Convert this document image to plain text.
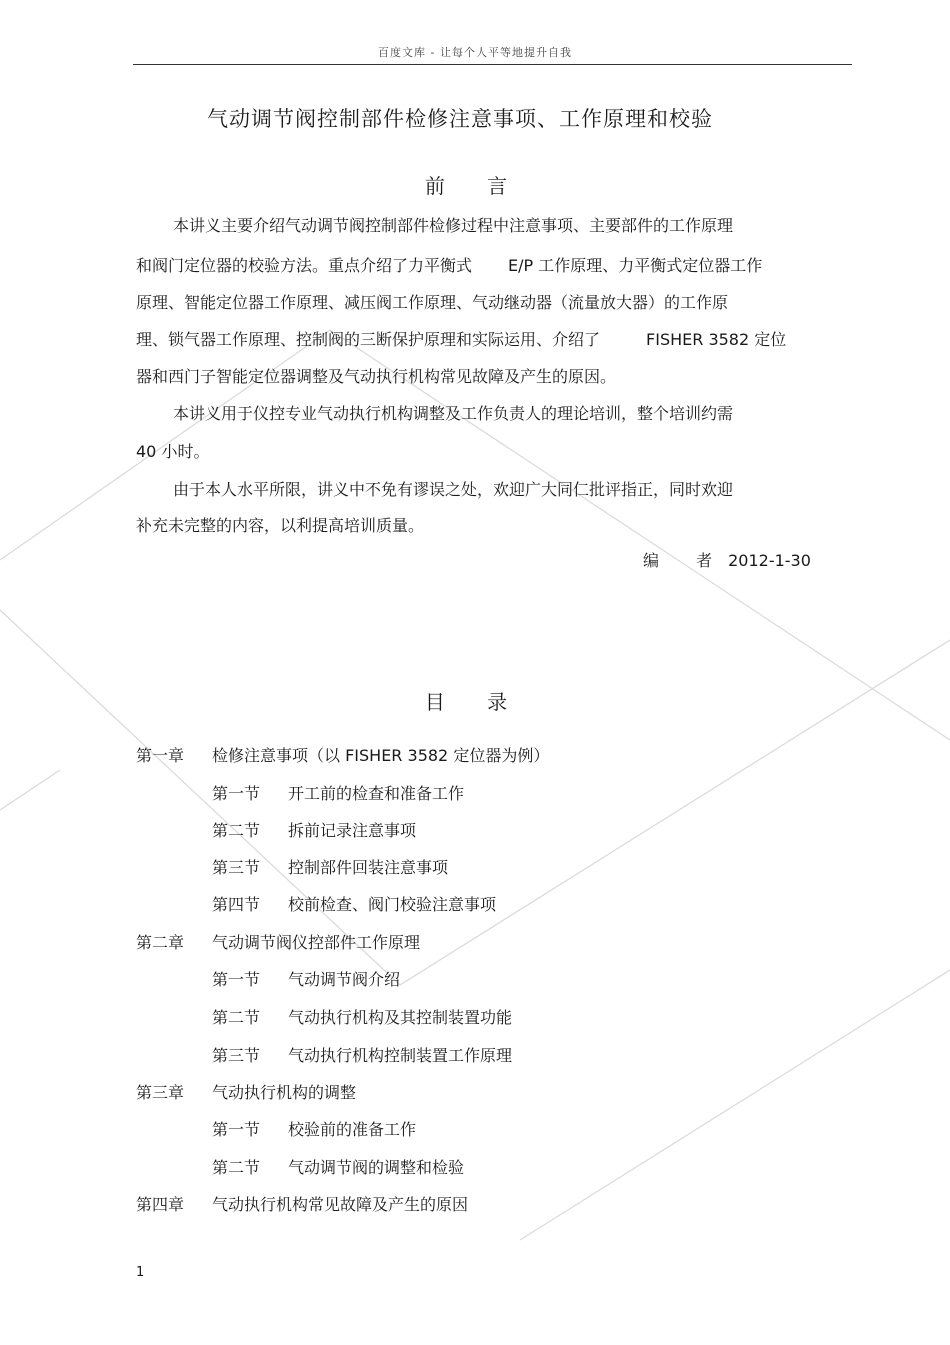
百度文库 - 让每个人平等地提升自我
气动调节阀控制部件检修注意事项、工作原理和校验
前 言
本讲义主要介绍气动调节阀控制部件检修过程中注意事项、主要部件的工作原理
和阀门定位器的校验方法。重点介绍了力平衡式 E/P 工作原理、力平衡式定位器工作
原理、智能定位器工作原理、减压阀工作原理、气动继动器（流量放大器）的工作原
理、锁气器工作原理、控制阀的三断保护原理和实际运用、介绍了	FISHER 3582 定位
器和西门子智能定位器调整及气动执行机构常见故障及产生的原因。
本讲义用于仪控专业气动执行机构调整及工作负责人的理论培训，整个培训约需
40 小时。
由于本人水平所限，讲义中不免有谬误之处，欢迎广大同仁批评指正，同时欢迎
补充未完整的内容，以利提高培训质量。
编 者2012-1-30
目 录
第一章 检修注意事项（以 FISHER 3582 定位器为例）
第一节 开工前的检查和准备工作
第二节 拆前记录注意事项
第三节 控制部件回装注意事项
第四节 校前检查、阀门校验注意事项
第二章 气动调节阀仪控部件工作原理
第一节 气动调节阀介绍
第二节 气动执行机构及其控制装置功能
第三节 气动执行机构控制装置工作原理
第三章 气动执行机构的调整
第一节 校验前的准备工作
第二节 气动调节阀的调整和检验
第四章 气动执行机构常见故障及产生的原因
1
